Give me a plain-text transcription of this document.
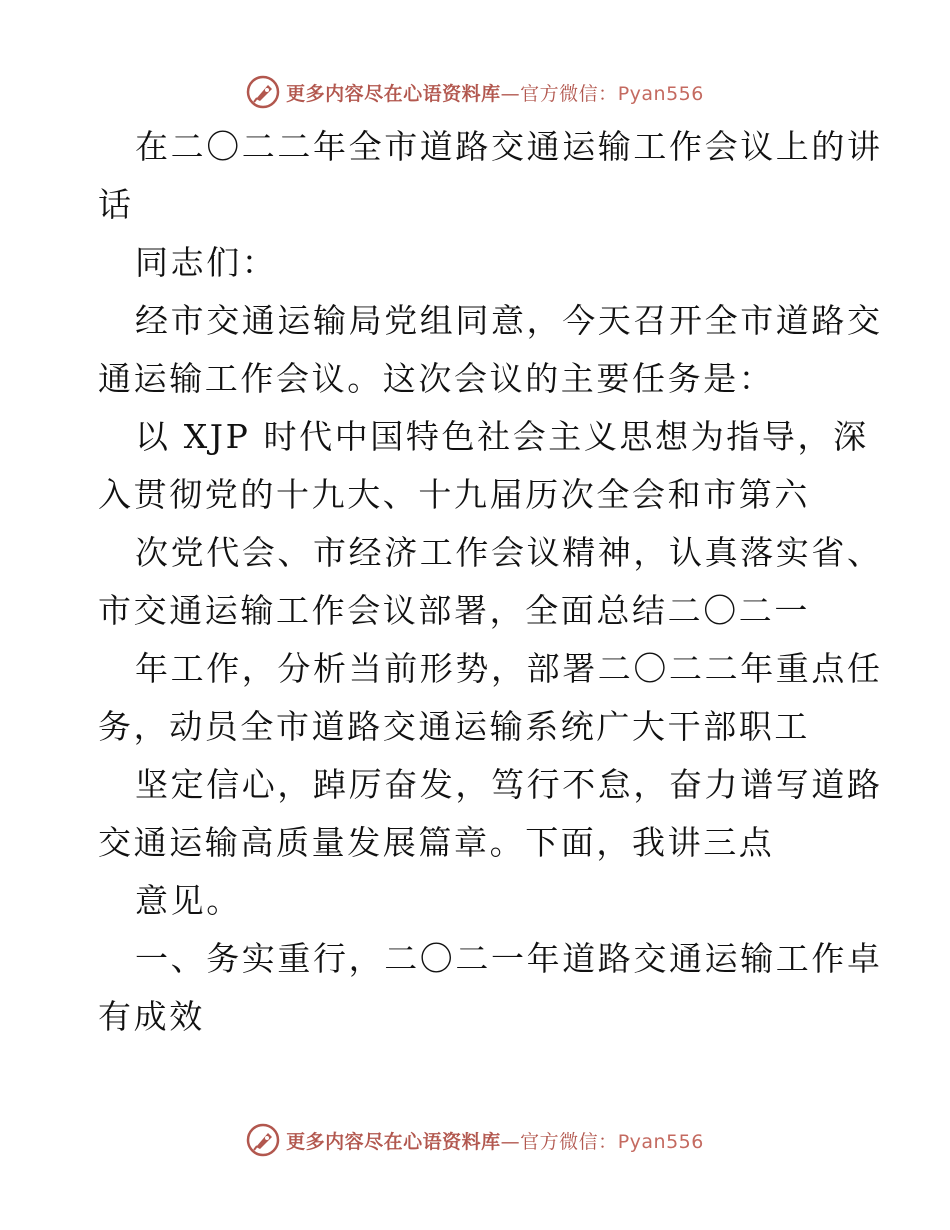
更多内容尽在心语资料库—官方微信：Pyan556
在二〇二二年全市道路交通运输工作会议上的讲
话
同志们：
经市交通运输局党组同意，今天召开全市道路交
通运输工作会议。这次会议的主要任务是：
以 XJP 时代中国特色社会主义思想为指导，深
入贯彻党的十九大、十九届历次全会和市第六
次党代会、市经济工作会议精神，认真落实省、
市交通运输工作会议部署，全面总结二〇二一
年工作，分析当前形势，部署二〇二二年重点任
务，动员全市道路交通运输系统广大干部职工
坚定信心，踔厉奋发，笃行不怠，奋力谱写道路
交通运输高质量发展篇章。下面，我讲三点
意见。
一、务实重行，二〇二一年道路交通运输工作卓
有成效
更多内容尽在心语资料库—官方微信：Pyan556
